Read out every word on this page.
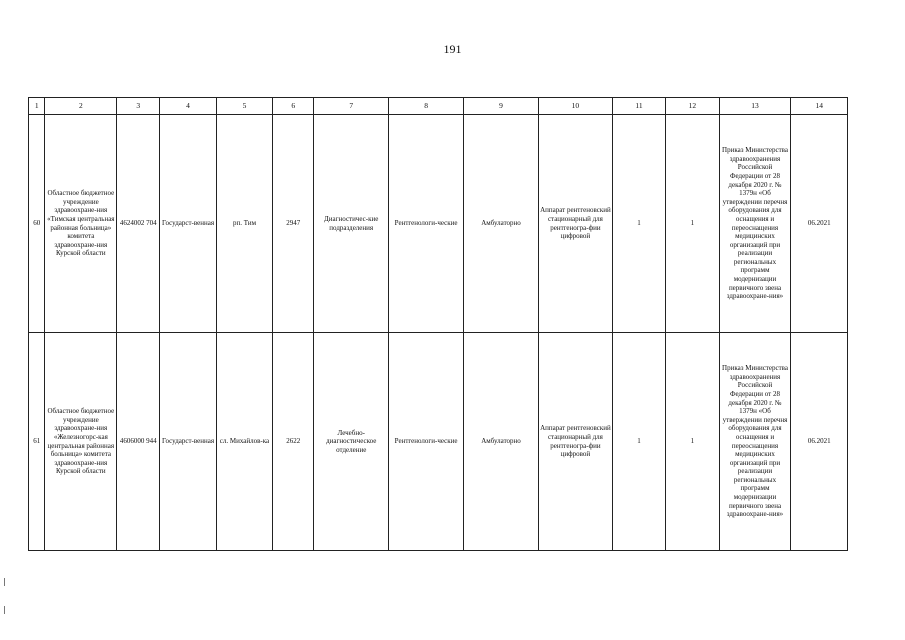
191
1	2	3	4	5	6	7	8	9	10	11	12	13	14
60	Областное бюджетное учреждение здравоохране-ния «Тимская центральная районная больница» комитета здравоохране-ния Курской области	4624002 704	Государст-венная	рп. Тим	2947	Диагностичес-кие подразделения	Рентгенологи-ческие	Амбулаторно	Аппарат рентгеновский стационарный для рентгеногра-фии цифровой	1	1	Приказ Министерства здравоохранения Российской Федерации от 28 декабря 2020 г. № 1379н «Об утверждении перечня оборудования для оснащения и переоснащения медицинских организаций при реализации региональных программ модернизации первичного звена здравоохране-ния»	06.2021
61	Областное бюджетное учреждение здравоохране-ния «Железногорс-кая центральная районная больница» комитета здравоохране-ния Курской области	4606000 944	Государст-венная	сл. Михайлов-ка	2622	Лечебно-диагностическое отделение	Рентгенологи-ческие	Амбулаторно	Аппарат рентгеновский стационарный для рентгеногра-фии цифровой	1	1	Приказ Министерства здравоохранения Российской Федерации от 28 декабря 2020 г. № 1379н «Об утверждении перечня оборудования для оснащения и переоснащения медицинских организаций при реализации региональных программ модернизации первичного звена здравоохране-ния»	06.2021
